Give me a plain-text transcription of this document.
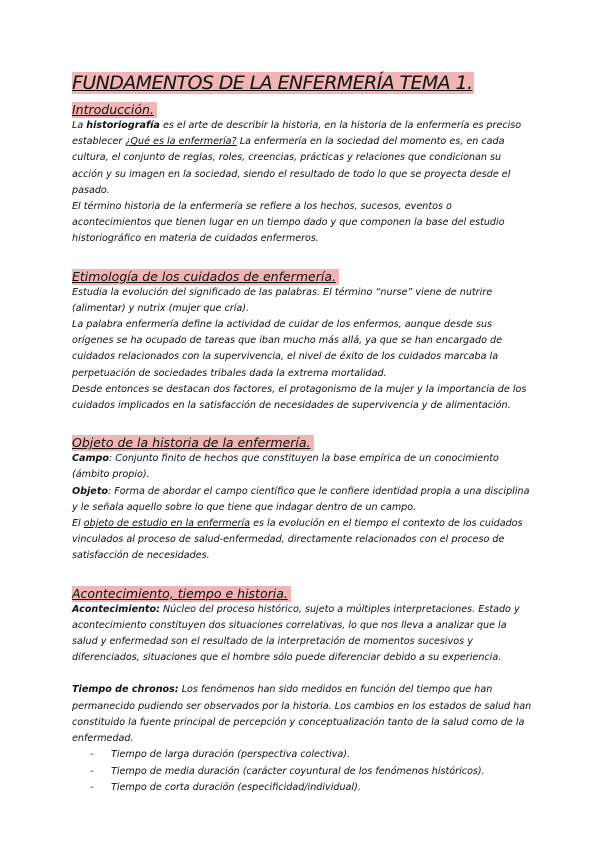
FUNDAMENTOS DE LA ENFERMERÍA TEMA 1.
Introducción.

La historiografía es el arte de describir la historia, en la historia de la enfermería es preciso establecer ¿Qué es la enfermería? La enfermería en la sociedad del momento es, en cada cultura, el conjunto de reglas, roles, creencias, prácticas y relaciones que condicionan su acción y su imagen en la sociedad, siendo el resultado de todo lo que se proyecta desde el pasado.

El término historia de la enfermería se refiere a los hechos, sucesos, eventos o acontecimientos que tienen lugar en un tiempo dado y que componen la base del estudio historiográfico en materia de cuidados enfermeros.

Etimología de los cuidados de enfermería.

Estudia la evolución del significado de las palabras. El término “nurse” viene de nutrire (alimentar) y nutrix (mujer que cría).

La palabra enfermería define la actividad de cuidar de los enfermos, aunque desde sus orígenes se ha ocupado de tareas que iban mucho más allá, ya que se han encargado de cuidados relacionados con la supervivencia, el nivel de éxito de los cuidados marcaba la perpetuación de sociedades tribales dada la extrema mortalidad.

Desde entonces se destacan dos factores, el protagonismo de la mujer y la importancia de los cuidados implicados en la satisfacción de necesidades de supervivencia y de alimentación.

Objeto de la historia de la enfermería.

Campo: Conjunto finito de hechos que constituyen la base empírica de un conocimiento (ámbito propio).

Objeto: Forma de abordar el campo científico que le confiere identidad propia a una disciplina y le señala aquello sobre lo que tiene que indagar dentro de un campo.

El objeto de estudio en la enfermería es la evolución en el tiempo el contexto de los cuidados vinculados al proceso de salud-enfermedad, directamente relacionados con el proceso de satisfacción de necesidades.

Acontecimiento, tiempo e historia.

Acontecimiento: Núcleo del proceso histórico, sujeto a múltiples interpretaciones. Estado y acontecimiento constituyen dos situaciones correlativas, lo que nos lleva a analizar que la salud y enfermedad son el resultado de la interpretación de momentos sucesivos y diferenciados, situaciones que el hombre sólo puede diferenciar debido a su experiencia.

Tiempo de chronos: Los fenómenos han sido medidos en función del tiempo que han permanecido pudiendo ser observados por la historia. Los cambios en los estados de salud han constituido la fuente principal de percepción y conceptualización tanto de la salud como de la enfermedad.

- Tiempo de larga duración (perspectiva colectiva).
- Tiempo de media duración (carácter coyuntural de los fenómenos históricos).
- Tiempo de corta duración (especificidad/individual).
